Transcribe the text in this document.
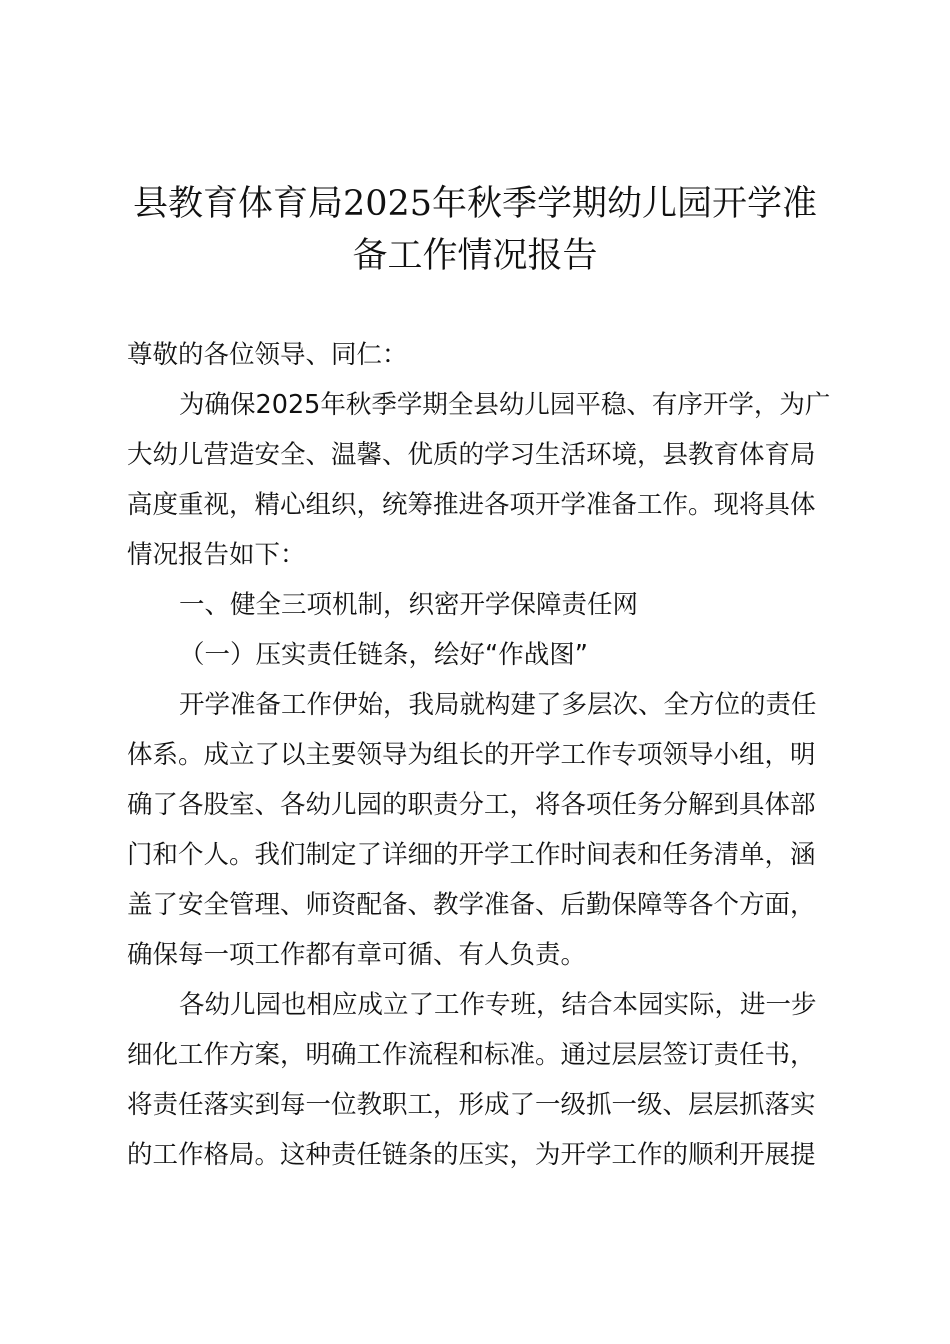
县教育体育局2025年秋季学期幼儿园开学准
备工作情况报告
尊敬的各位领导、同仁：
为确保2025年秋季学期全县幼儿园平稳、有序开学，为广
大幼儿营造安全、温馨、优质的学习生活环境，县教育体育局
高度重视，精心组织，统筹推进各项开学准备工作。现将具体
情况报告如下：
一、健全三项机制，织密开学保障责任网
（一）压实责任链条，绘好“作战图”
开学准备工作伊始，我局就构建了多层次、全方位的责任
体系。成立了以主要领导为组长的开学工作专项领导小组，明
确了各股室、各幼儿园的职责分工，将各项任务分解到具体部
门和个人。我们制定了详细的开学工作时间表和任务清单，涵
盖了安全管理、师资配备、教学准备、后勤保障等各个方面，
确保每一项工作都有章可循、有人负责。
各幼儿园也相应成立了工作专班，结合本园实际，进一步
细化工作方案，明确工作流程和标准。通过层层签订责任书，
将责任落实到每一位教职工，形成了一级抓一级、层层抓落实
的工作格局。这种责任链条的压实，为开学工作的顺利开展提
